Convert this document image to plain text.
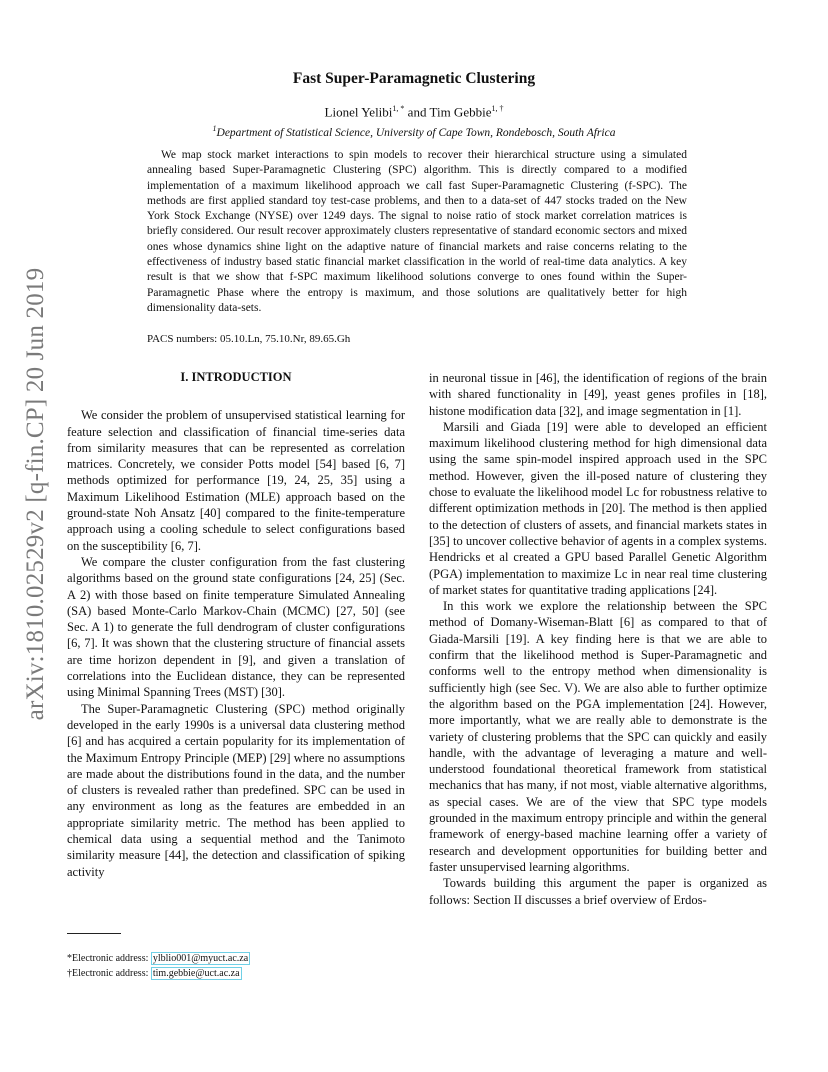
arXiv:1810.02529v2 [q-fin.CP] 20 Jun 2019
Fast Super-Paramagnetic Clustering
Lionel Yelibi$^{1, *}$ and Tim Gebbie$^{1, \dagger}$
$^1$Department of Statistical Science, University of Cape Town, Rondebosch, South Africa

We map stock market interactions to spin models to recover their hierarchical structure using a simulated annealing based Super-Paramagnetic Clustering (SPC) algorithm. This is directly compared to a modified implementation of a maximum likelihood approach we call fast Super-Paramagnetic Clustering (f-SPC). The methods are first applied standard toy test-case problems, and then to a data-set of 447 stocks traded on the New York Stock Exchange (NYSE) over 1249 days. The signal to noise ratio of stock market correlation matrices is briefly considered. Our result recover approximately clusters representative of standard economic sectors and mixed ones whose dynamics shine light on the adaptive nature of financial markets and raise concerns relating to the effectiveness of industry based static financial market classification in the world of real-time data analytics. A key result is that we show that f-SPC maximum likelihood solutions converge to ones found within the Super-Paramagnetic Phase where the entropy is maximum, and those solutions are qualitatively better for high dimensionality data-sets.

PACS numbers: 05.10.Ln, 75.10.Nr, 89.65.Gh
I. INTRODUCTION

We consider the problem of unsupervised statistical learning for feature selection and classification of financial time-series data from similarity measures that can be represented as correlation matrices. Concretely, we consider Potts model [54] based [6, 7] methods optimized for performance [19, 24, 25, 35] using a Maximum Likelihood Estimation (MLE) approach based on the ground-state Noh Ansatz [40] compared to the finite-temperature approach using a cooling schedule to select configurations based on the susceptibility [6, 7].

We compare the cluster configuration from the fast clustering algorithms based on the ground state configurations [24, 25] (Sec. A 2) with those based on finite temperature Simulated Annealing (SA) based Monte-Carlo Markov-Chain (MCMC) [27, 50] (see Sec. A 1) to generate the full dendrogram of cluster configurations [6, 7]. It was shown that the clustering structure of financial assets are time horizon dependent in [9], and given a translation of correlations into the Euclidean distance, they can be represented using Minimal Spanning Trees (MST) [30].

The Super-Paramagnetic Clustering (SPC) method originally developed in the early 1990s is a universal data clustering method [6] and has acquired a certain popularity for its implementation of the Maximum Entropy Principle (MEP) [29] where no assumptions are made about the distributions found in the data, and the number of clusters is revealed rather than predefined. SPC can be used in any environment as long as the features are embedded in an appropriate similarity metric. The method has been applied to chemical data using a sequential method and the Tanimoto similarity measure [44], the detection and classification of spiking activity

in neuronal tissue in [46], the identification of regions of the brain with shared functionality in [49], yeast genes profiles in [18], histone modification data [32], and image segmentation in [1].

Marsili and Giada [19] were able to developed an efficient maximum likelihood clustering method for high dimensional data using the same spin-model inspired approach used in the SPC method. However, given the ill-posed nature of clustering they chose to evaluate the likelihood model Lc for robustness relative to different optimization methods in [20]. The method is then applied to the detection of clusters of assets, and financial markets states in [35] to uncover collective behavior of agents in a complex systems. Hendricks et al created a GPU based Parallel Genetic Algorithm (PGA) implementation to maximize Lc in near real time clustering of market states for quantitative trading applications [24].

In this work we explore the relationship between the SPC method of Domany-Wiseman-Blatt [6] as compared to that of Giada-Marsili [19]. A key finding here is that we are able to confirm that the likelihood method is Super-Paramagnetic and conforms well to the entropy method when dimensionality is sufficiently high (see Sec. V). We are also able to further optimize the algorithm based on the PGA implementation [24]. However, more importantly, what we are really able to demonstrate is the variety of clustering problems that the SPC can quickly and easily handle, with the advantage of leveraging a mature and well-understood foundational theoretical framework from statistical mechanics that has many, if not most, viable alternative algorithms, as special cases. We are of the view that SPC type models grounded in the maximum entropy principle and within the general framework of energy-based machine learning offer a variety of research and development opportunities for building better and faster unsupervised learning algorithms.

Towards building this argument the paper is organized as follows: Section II discusses a brief overview of Erdos-

*Electronic address: ylblio001@myuct.ac.za
†Electronic address: tim.gebbie@uct.ac.za
